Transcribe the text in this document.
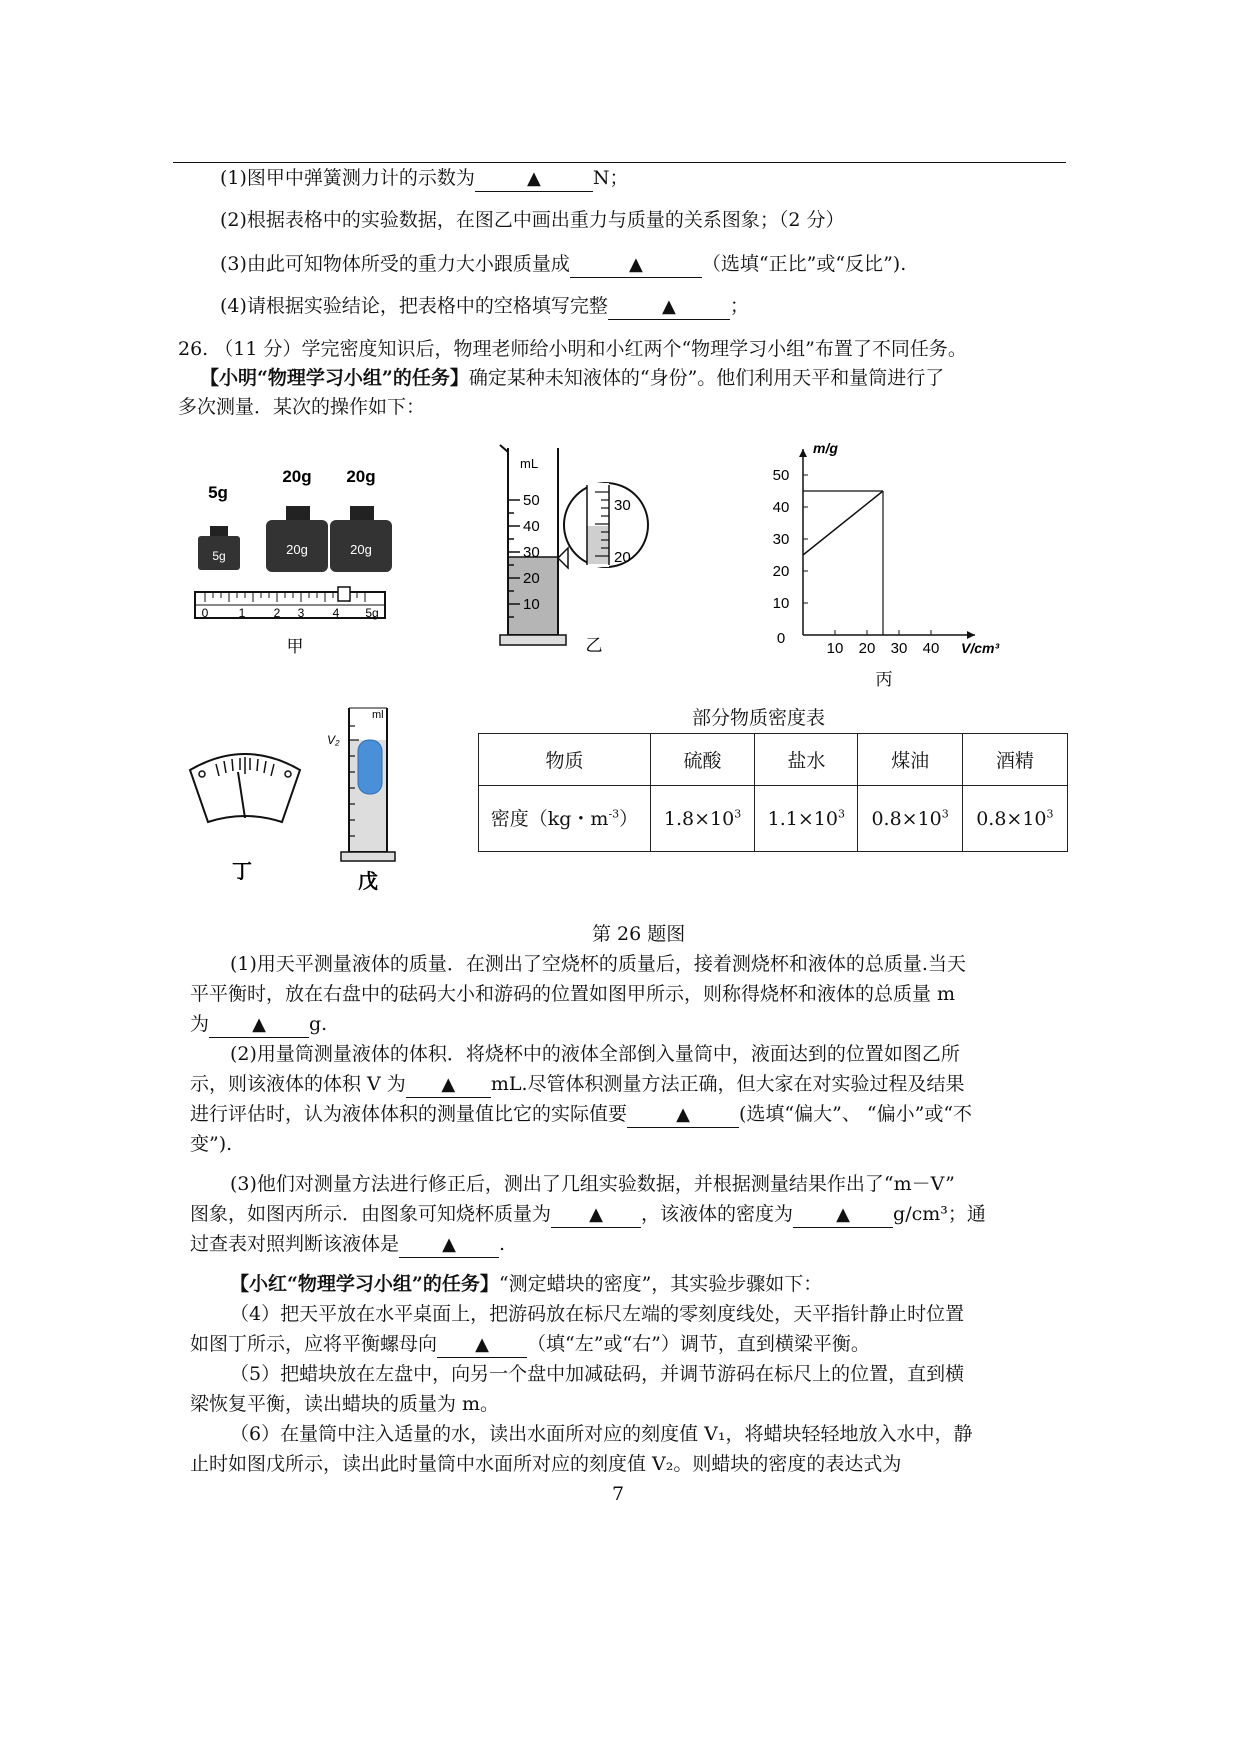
(1)图甲中弹簧测力计的示数为	▲	N；
(2)根据表格中的实验数据，在图乙中画出重力与质量的关系图象；（2 分）
(3)由此可知物体所受的重力大小跟质量成	▲	（选填“正比”或“反比”).
(4)请根据实验结论，把表格中的空格填写完整	▲	；
26. （11 分）学完密度知识后，物理老师给小明和小红两个“物理学习小组”布置了不同任务。
【小明“物理学习小组”的任务】确定某种未知液体的“身份”。他们利用天平和量筒进行了
多次测量．某次的操作如下：
5g
20g 20g
5g	20g	20g
0	1 2 3 4 5g
甲
mL
50
40
30
20
10
30
20
乙	10 20 30 40
10
20
30
40
50
0
V/cm³
m/g
丙
丁
V₂
ml
戊
部分物质密度表
物质	硫酸	盐水	煤油	酒精
密度（kg・$m^{-3}$）	$1.8\times 10^3$	$1.1\times 10^3$	$0.8\times 10^3$	$0.8\times 10^3$
第 26 题图
(1)用天平测量液体的质量．在测出了空烧杯的质量后，接着测烧杯和液体的总质量.当天
平平衡时，放在右盘中的砝码大小和游码的位置如图甲所示，则称得烧杯和液体的总质量 m
为 ▲ g.
(2)用量筒测量液体的体积．将烧杯中的液体全部倒入量筒中，液面达到的位置如图乙所
示，则该液体的体积 V 为 ▲ mL.尽管体积测量方法正确，但大家在对实验过程及结果
进行评估时，认为液体体积的测量值比它的实际值要	▲	(选填“偏大”、 “偏小”或“不
变”).
(3)他们对测量方法进行修正后，测出了几组实验数据，并根据测量结果作出了“m－V”
图象，如图丙所示．由图象可知烧杯质量为 ▲ ，该液体的密度为 ▲ g/cm³；通
过查表对照判断该液体是 ▲ .
【小红“物理学习小组”的任务】“测定蜡块的密度”，其实验步骤如下：
（4）把天平放在水平桌面上，把游码放在标尺左端的零刻度线处，天平指针静止时位置
如图丁所示，应将平衡螺母向 ▲ （填“左”或“右”）调节，直到横梁平衡。
（5）把蜡块放在左盘中，向另一个盘中加减砝码，并调节游码在标尺上的位置，直到横
梁恢复平衡，读出蜡块的质量为 m。
（6）在量筒中注入适量的水，读出水面所对应的刻度值 V₁，将蜡块轻轻地放入水中，静
止时如图戊所示，读出此时量筒中水面所对应的刻度值 V₂。则蜡块的密度的表达式为
7
